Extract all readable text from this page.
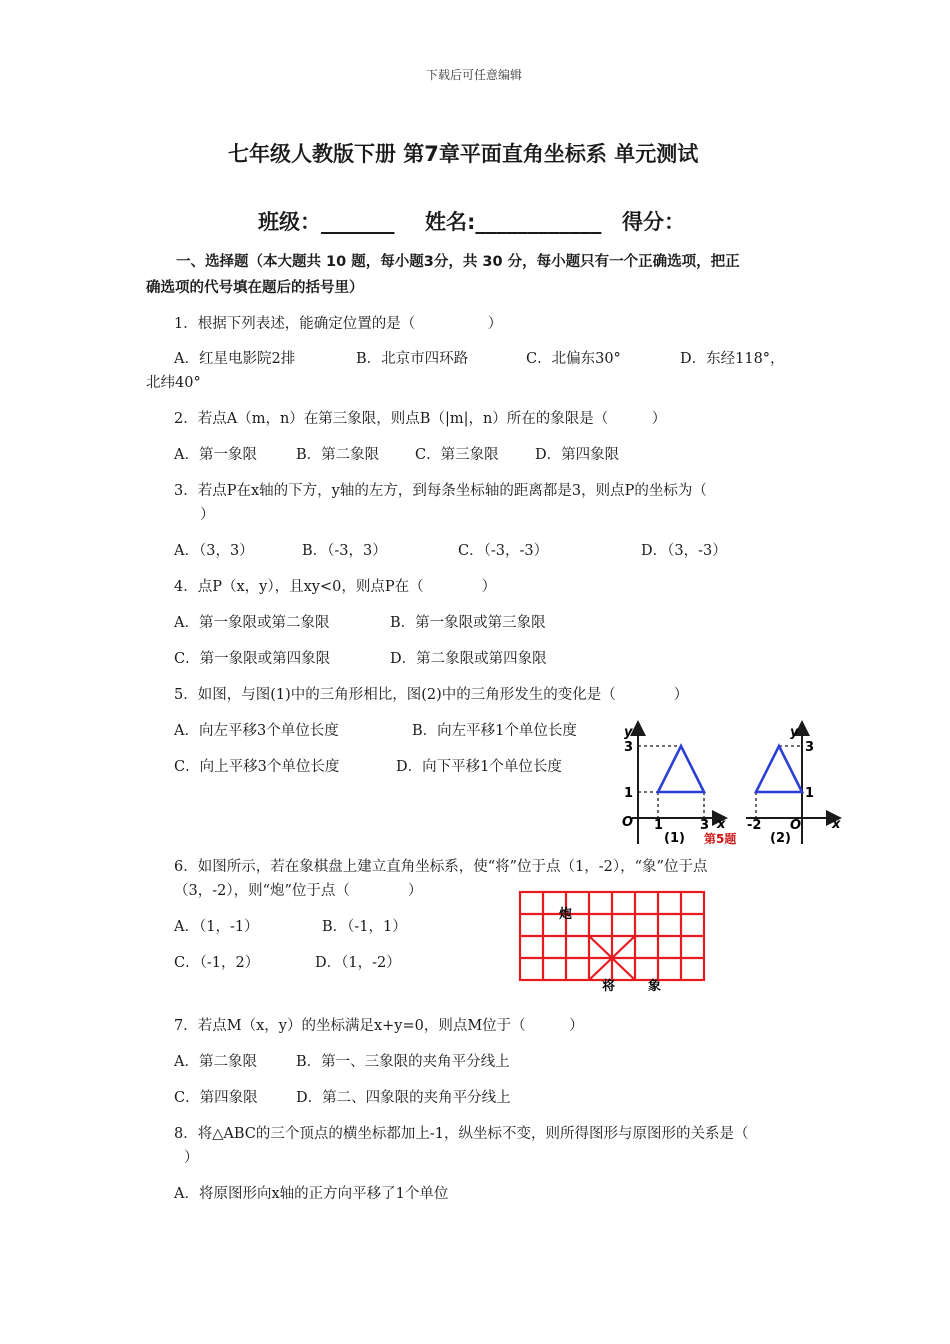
下载后可任意编辑
七年级人教版下册 第7章平面直角坐标系 单元测试
班级：_______ 姓名:____________ 得分：
一、选择题（本大题共 10 题，每小题3分，共 30 分，每小题只有一个正确选项，把正
确选项的代号填在题后的括号里）
1．根据下列表述，能确定位置的是（　　　　　）
A．红星电影院2排	B．北京市四环路	C．北偏东30°	D．东经118°，
北纬40°
2．若点A（m，n）在第三象限，则点B（|m|，n）所在的象限是（　　　）
A．第一象限	B．第二象限 C．第三象限	D．第四象限
3．若点P在x轴的下方，y轴的左方，到每条坐标轴的距离都是3，则点P的坐标为（
）
A．（3，3）	B．（-3，3）	C．（-3，-3）	D．（3，-3）
4．点P（x，y），且xy<0，则点P在（　　　　）
A．第一象限或第二象限	B．第一象限或第三象限
C．第一象限或第四象限	D．第二象限或第四象限
5．如图，与图(1)中的三角形相比，图(2)中的三角形发生的变化是（　　　　）
A．向左平移3个单位长度	B．向左平移1个单位长度
C．向上平移3个单位长度	D．向下平移1个单位长度
y
3
1
O 1	3 x
(1) 第5题
y
3
1
-2 O x
(2)
6．如图所示，若在象棋盘上建立直角坐标系，使“将”位于点（1，-2），“象”位于点
（3，-2），则“炮”位于点（　　　　）
A．（1，-1）	B．（-1，1）
C．（-1，2）	D．（1，-2）
炮
将	象
7．若点M（x，y）的坐标满足x+y=0，则点M位于（　　　）
A．第二象限	B．第一、三象限的夹角平分线上
C．第四象限	D．第二、四象限的夹角平分线上
8．将△ABC的三个顶点的横坐标都加上-1，纵坐标不变，则所得图形与原图形的关系是（
）
A．将原图形向x轴的正方向平移了1个单位
